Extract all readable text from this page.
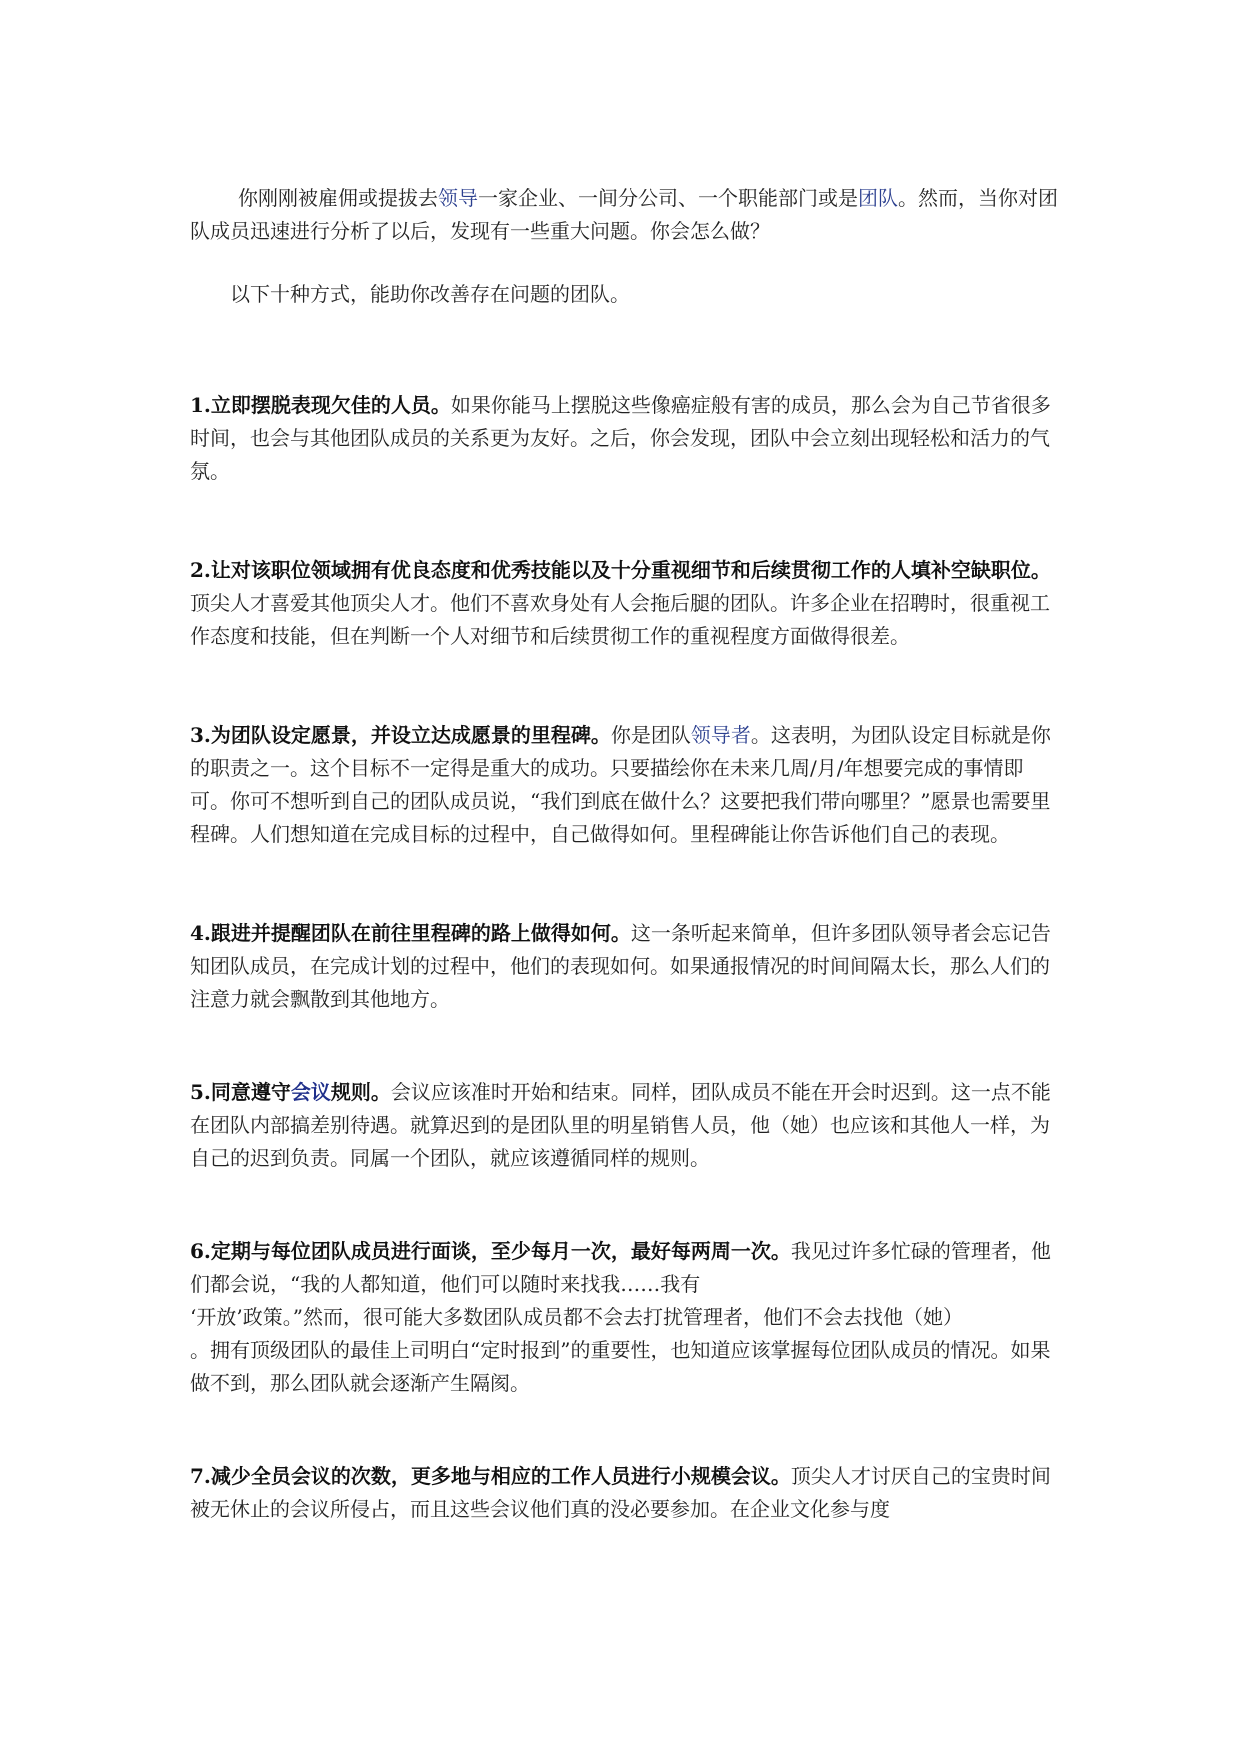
你刚刚被雇佣或提拔去领导一家企业、一间分公司、一个职能部门或是团队。然而，当你对团队成员迅速进行分析了以后，发现有一些重大问题。你会怎么做？

以下十种方式，能助你改善存在问题的团队。

1.立即摆脱表现欠佳的人员。如果你能马上摆脱这些像癌症般有害的成员，那么会为自己节省很多时间，也会与其他团队成员的关系更为友好。之后，你会发现，团队中会立刻出现轻松和活力的气氛。

2.让对该职位领域拥有优良态度和优秀技能以及十分重视细节和后续贯彻工作的人填补空缺职位。顶尖人才喜爱其他顶尖人才。他们不喜欢身处有人会拖后腿的团队。许多企业在招聘时，很重视工作态度和技能，但在判断一个人对细节和后续贯彻工作的重视程度方面做得很差。

3.为团队设定愿景，并设立达成愿景的里程碑。你是团队领导者。这表明，为团队设定目标就是你的职责之一。这个目标不一定得是重大的成功。只要描绘你在未来几周/月/年想要完成的事情即可。你可不想听到自己的团队成员说，“我们到底在做什么？这要把我们带向哪里？”愿景也需要里程碑。人们想知道在完成目标的过程中，自己做得如何。里程碑能让你告诉他们自己的表现。

4.跟进并提醒团队在前往里程碑的路上做得如何。这一条听起来简单，但许多团队领导者会忘记告知团队成员，在完成计划的过程中，他们的表现如何。如果通报情况的时间间隔太长，那么人们的注意力就会飘散到其他地方。

5.同意遵守会议规则。会议应该准时开始和结束。同样，团队成员不能在开会时迟到。这一点不能在团队内部搞差别待遇。就算迟到的是团队里的明星销售人员，他（她）也应该和其他人一样，为自己的迟到负责。同属一个团队，就应该遵循同样的规则。

6.定期与每位团队成员进行面谈，至少每月一次，最好每两周一次。我见过许多忙碌的管理者，他们都会说，“我的人都知道，他们可以随时来找我……我有
‘开放’政策。”然而，很可能大多数团队成员都不会去打扰管理者，他们不会去找他（她）
。拥有顶级团队的最佳上司明白“定时报到”的重要性，也知道应该掌握每位团队成员的情况。如果做不到，那么团队就会逐渐产生隔阂。

7.减少全员会议的次数，更多地与相应的工作人员进行小规模会议。顶尖人才讨厌自己的宝贵时间被无休止的会议所侵占，而且这些会议他们真的没必要参加。在企业文化参与度
